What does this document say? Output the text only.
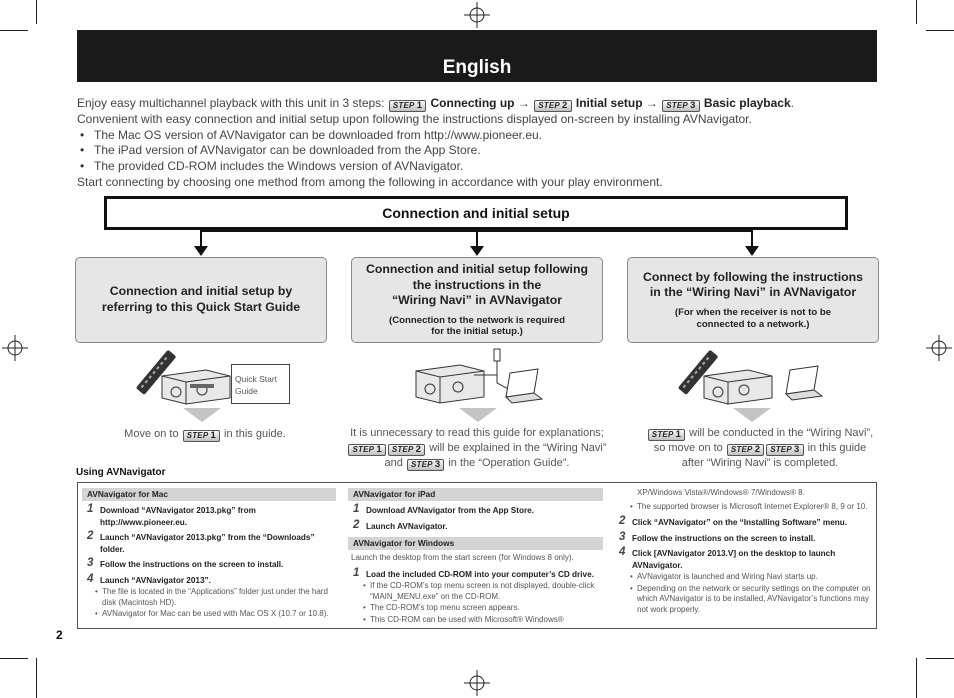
English
Enjoy easy multichannel playback with this unit in 3 steps: STEP 1 Connecting up → STEP 2 Initial setup → STEP 3 Basic playback.
Convenient with easy connection and initial setup upon following the instructions displayed on-screen by installing AVNavigator.
• The Mac OS version of AVNavigator can be downloaded from http://www.pioneer.eu.
• The iPad version of AVNavigator can be downloaded from the App Store.
• The provided CD-ROM includes the Windows version of AVNavigator.
Start connecting by choosing one method from among the following in accordance with your play environment.
Connection and initial setup
Connection and initial setup by
referring to this Quick Start Guide
Connection and initial setup following
the instructions in the
“Wiring Navi” in AVNavigator
(Connection to the network is required
for the initial setup.)
Connect by following the instructions
in the “Wiring Navi” in AVNavigator
(For when the receiver is not to be
connected to a network.)
Quick Start
Guide
Move on to STEP 1 in this guide.	It is unnecessary to read this guide for explanations;
STEP 1 STEP 2 will be explained in the “Wiring Navi”
and STEP 3 in the “Operation Guide”.
STEP 1 will be conducted in the “Wiring Navi”,
so move on to STEP 2 STEP 3 in this guide
after “Wiring Navi” is completed.
Using AVNavigator
AVNavigator for Mac
1 Download “AVNavigator 2013.pkg” from http://www.pioneer.eu.
2 Launch “AVNavigator 2013.pkg” from the “Downloads” folder.
3 Follow the instructions on the screen to install.
4 Launch “AVNavigator 2013”.
• The file is located in the “Applications” folder just under the hard disk (Macintosh HD).
• AVNavigator for Mac can be used with Mac OS X (10.7 or 10.8).
AVNavigator for iPad
1 Download AVNavigator from the App Store.
2 Launch AVNavigator.
AVNavigator for Windows
Launch the desktop from the start screen (for Windows 8 only).
1 Load the included CD-ROM into your computer’s CD drive.
• If the CD-ROM’s top menu screen is not displayed, double-click “MAIN_MENU.exe” on the CD-ROM.
• The CD-ROM’s top menu screen appears.
• This CD-ROM can be used with Microsoft® Windows®
XP/Windows Vista®/Windows® 7/Windows® 8.
• The supported browser is Microsoft Internet Explorer® 8, 9 or 10.
2 Click “AVNavigator” on the “Installing Software” menu.
3 Follow the instructions on the screen to install.
4 Click [AVNavigator 2013.V] on the desktop to launch AVNavigator.
• AVNavigator is launched and Wiring Navi starts up.
• Depending on the network or security settings on the computer on which AVNavigator is to be installed, AVNavigator’s functions may not work properly.
2
